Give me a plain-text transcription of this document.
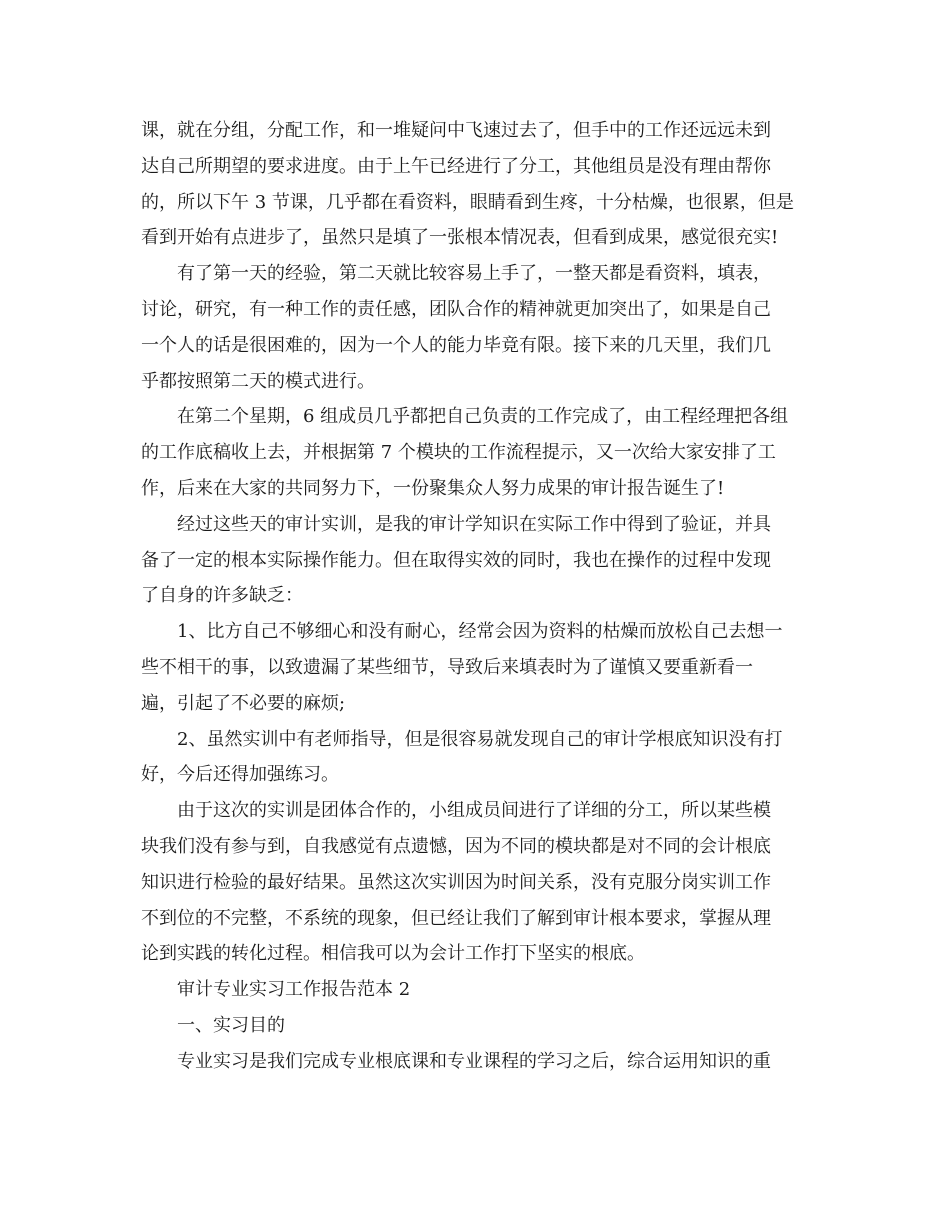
课，就在分组，分配工作，和一堆疑问中飞速过去了，但手中的工作还远远未到
达自己所期望的要求进度。由于上午已经进行了分工，其他组员是没有理由帮你
的，所以下午 3 节课，几乎都在看资料，眼睛看到生疼，十分枯燥，也很累，但是
看到开始有点进步了，虽然只是填了一张根本情况表，但看到成果，感觉很充实!
有了第一天的经验，第二天就比较容易上手了，一整天都是看资料，填表，
讨论，研究，有一种工作的责任感，团队合作的精神就更加突出了，如果是自己
一个人的话是很困难的，因为一个人的能力毕竟有限。接下来的几天里，我们几
乎都按照第二天的模式进行。
在第二个星期，6 组成员几乎都把自己负责的工作完成了，由工程经理把各组
的工作底稿收上去，并根据第 7 个模块的工作流程提示，又一次给大家安排了工
作，后来在大家的共同努力下，一份聚集众人努力成果的审计报告诞生了!
经过这些天的审计实训，是我的审计学知识在实际工作中得到了验证，并具
备了一定的根本实际操作能力。但在取得实效的同时，我也在操作的过程中发现
了自身的许多缺乏：
1、比方自己不够细心和没有耐心，经常会因为资料的枯燥而放松自己去想一
些不相干的事，以致遗漏了某些细节，导致后来填表时为了谨慎又要重新看一
遍，引起了不必要的麻烦;
2、虽然实训中有老师指导，但是很容易就发现自己的审计学根底知识没有打
好，今后还得加强练习。
由于这次的实训是团体合作的，小组成员间进行了详细的分工，所以某些模
块我们没有参与到，自我感觉有点遗憾，因为不同的模块都是对不同的会计根底
知识进行检验的最好结果。虽然这次实训因为时间关系，没有克服分岗实训工作
不到位的不完整，不系统的现象，但已经让我们了解到审计根本要求，掌握从理
论到实践的转化过程。相信我可以为会计工作打下坚实的根底。
审计专业实习工作报告范本 2
一、实习目的
专业实习是我们完成专业根底课和专业课程的学习之后，综合运用知识的重
